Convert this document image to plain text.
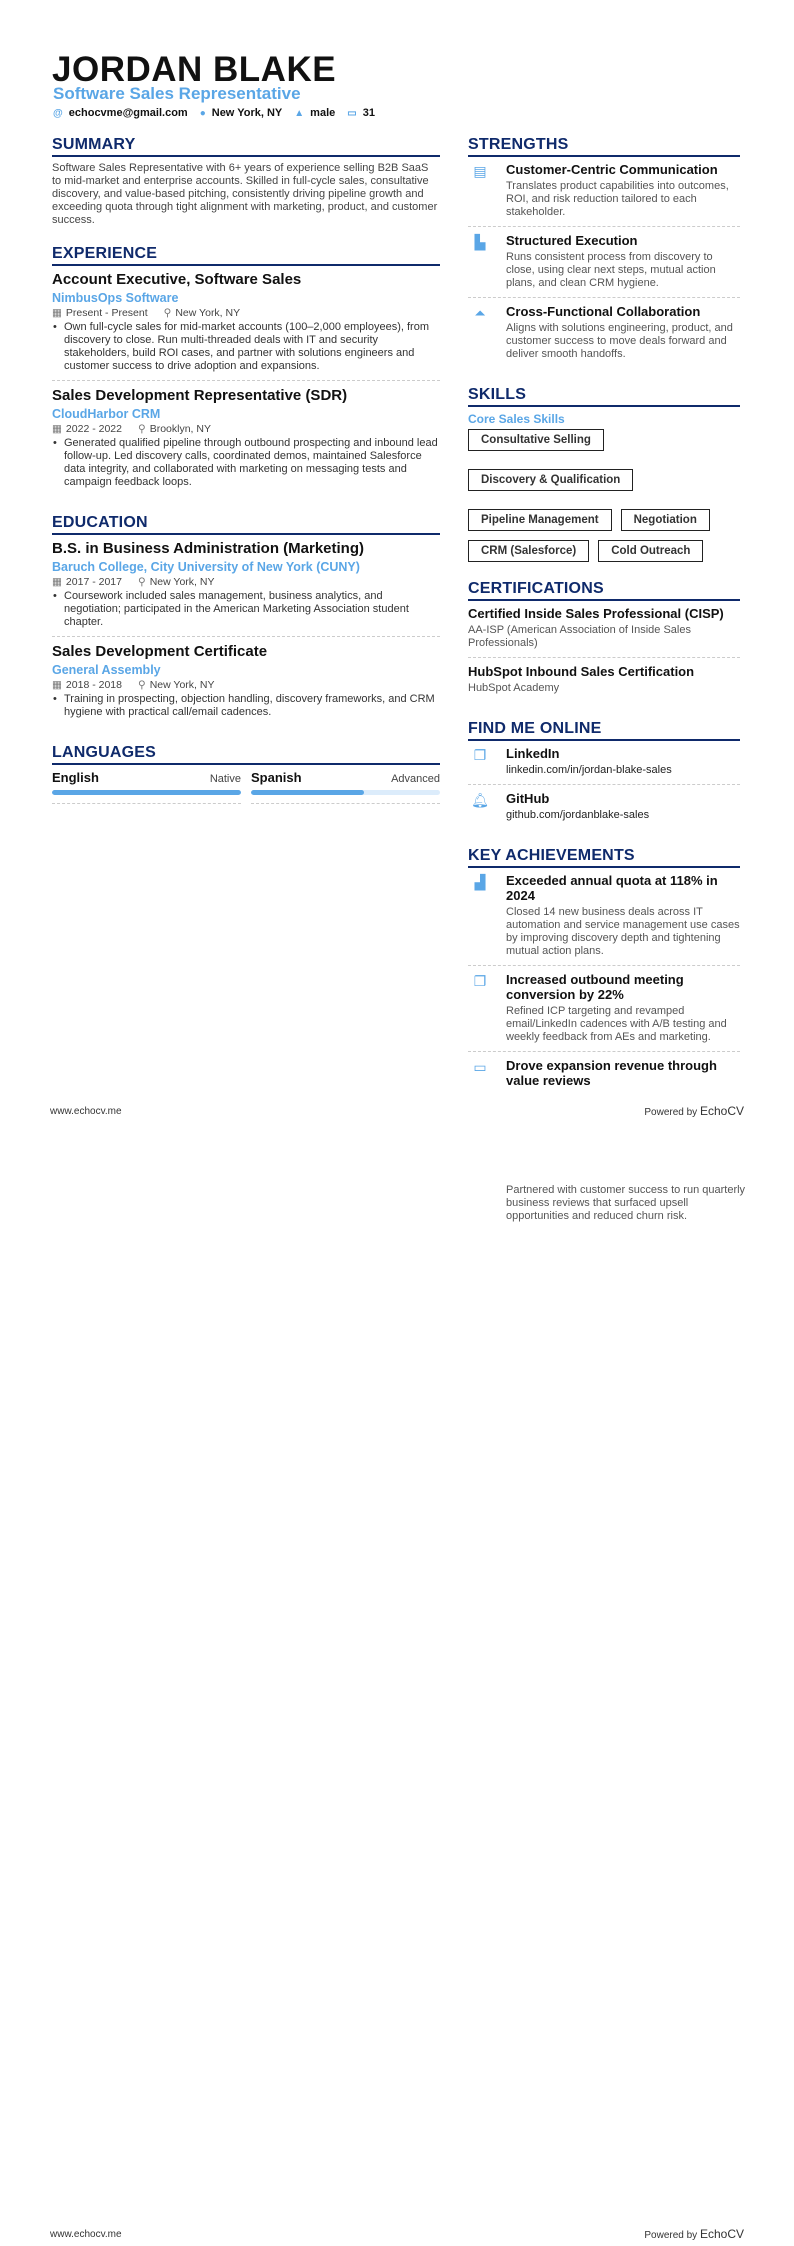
JORDAN BLAKE
Software Sales Representative
@ echocvme@gmail.com ● New York, NY ▲ male ▭ 31
SUMMARY
Software Sales Representative with 6+ years of experience selling B2B SaaS to mid-market and enterprise accounts. Skilled in full-cycle sales, consultative discovery, and value-based pitching, consistently driving pipeline growth and exceeding quota through tight alignment with marketing, product, and customer success.
EXPERIENCE
Account Executive, Software Sales
NimbusOps Software
▦ Present - Present ⚲ New York, NY
• Own full-cycle sales for mid-market accounts (100–2,000 employees), from discovery to close. Run multi-threaded deals with IT and security stakeholders, build ROI cases, and partner with solutions engineers and customer success to drive adoption and expansions.
Sales Development Representative (SDR)
CloudHarbor CRM
▦ 2022 - 2022 ⚲ Brooklyn, NY
• Generated qualified pipeline through outbound prospecting and inbound lead follow-up. Led discovery calls, coordinated demos, maintained Salesforce data integrity, and collaborated with marketing on messaging tests and campaign feedback loops.
EDUCATION
B.S. in Business Administration (Marketing)
Baruch College, City University of New York (CUNY)
▦ 2017 - 2017 ⚲ New York, NY
• Coursework included sales management, business analytics, and negotiation; participated in the American Marketing Association student chapter.
Sales Development Certificate
General Assembly
▦ 2018 - 2018 ⚲ New York, NY
• Training in prospecting, objection handling, discovery frameworks, and CRM hygiene with practical call/email cadences.
LANGUAGES
English	Native Spanish	Advanced
STRENGTHS
▤	Customer-Centric Communication
Translates product capabilities into outcomes, ROI, and risk reduction tailored to each stakeholder.
▙	Structured Execution
Runs consistent process from discovery to close, using clear next steps, mutual action plans, and clean CRM hygiene.
⏶	Cross-Functional Collaboration
Aligns with solutions engineering, product, and customer success to move deals forward and deliver smooth handoffs.
SKILLS
Core Sales Skills
Consultative Selling
Discovery & Qualification
Pipeline Management	Negotiation
CRM (Salesforce)	Cold Outreach
CERTIFICATIONS
Certified Inside Sales Professional (CISP)
AA-ISP (American Association of Inside Sales Professionals)
HubSpot Inbound Sales Certification
HubSpot Academy
FIND ME ONLINE
❐	LinkedIn
linkedin.com/in/jordan-blake-sales
🔔︎ GitHub
github.com/jordanblake-sales
KEY ACHIEVEMENTS
▟	Exceeded annual quota at 118% in 2024
Closed 14 new business deals across IT automation and service management use cases by improving discovery depth and tightening mutual action plans.
❐	Increased outbound meeting conversion by 22%
Refined ICP targeting and revamped email/LinkedIn cadences with A/B testing and weekly feedback from AEs and marketing.
▭	Drove expansion revenue through value reviews
www.echocv.me	Powered by EchoCV
Partnered with customer success to run quarterly business reviews that surfaced upsell opportunities and reduced churn risk.
www.echocv.me	Powered by EchoCV
